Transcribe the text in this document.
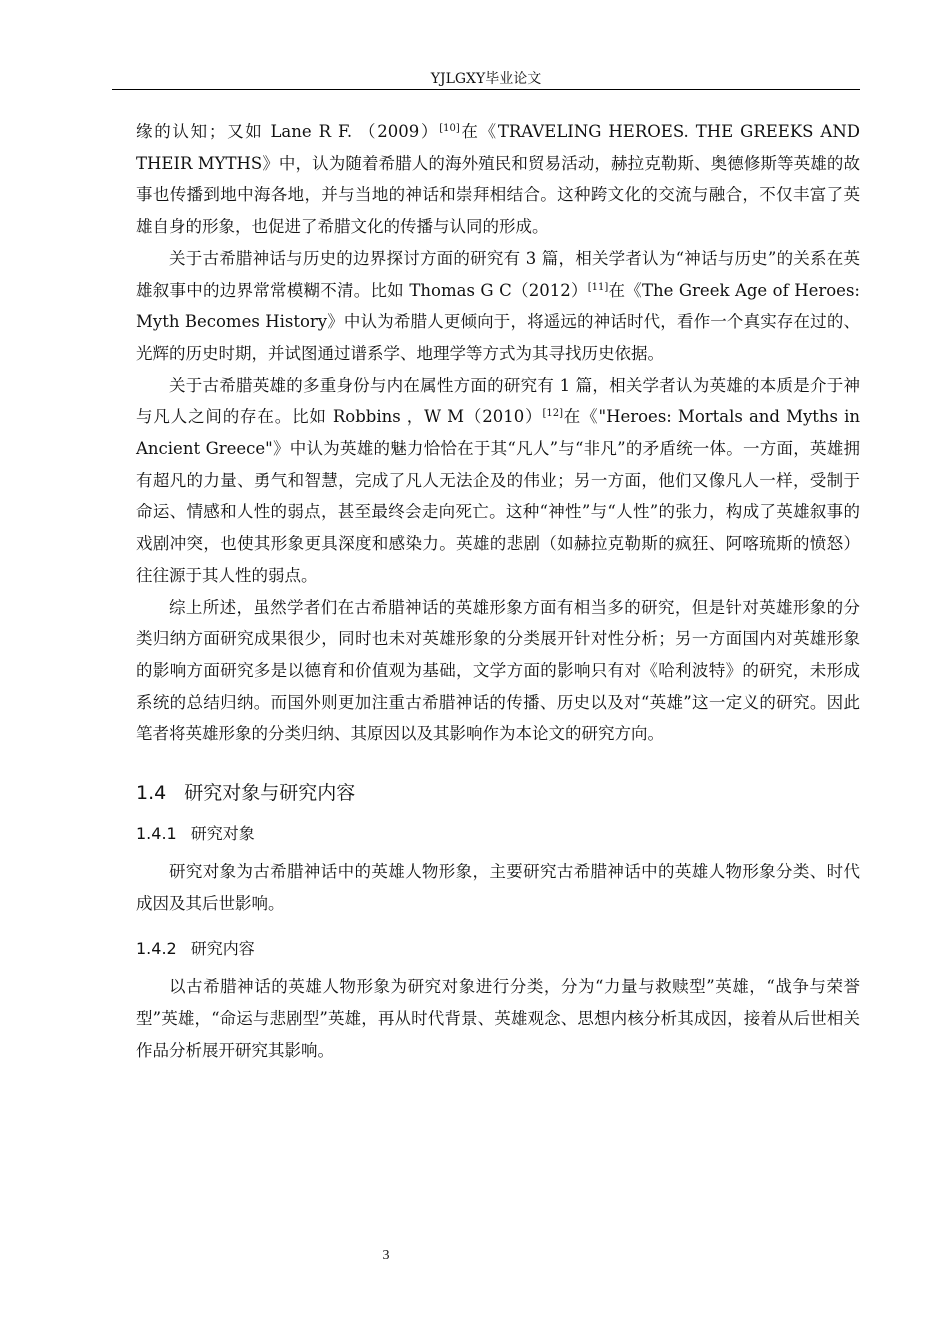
YJLGXY毕业论文

缘的认知；又如 Lane R F. （2009）[10]在《TRAVELING HEROES. THE GREEKS AND THEIR MYTHS》中，认为随着希腊人的海外殖民和贸易活动，赫拉克勒斯、奥德修斯等英雄的故事也传播到地中海各地，并与当地的神话和崇拜相结合。这种跨文化的交流与融合，不仅丰富了英雄自身的形象，也促进了希腊文化的传播与认同的形成。

关于古希腊神话与历史的边界探讨方面的研究有 3 篇，相关学者认为“神话与历史”的关系在英雄叙事中的边界常常模糊不清。比如 Thomas G C（2012）[11]在《The Greek Age of Heroes: Myth Becomes History》中认为希腊人更倾向于，将遥远的神话时代，看作一个真实存在过的、光辉的历史时期，并试图通过谱系学、地理学等方式为其寻找历史依据。

关于古希腊英雄的多重身份与内在属性方面的研究有 1 篇，相关学者认为英雄的本质是介于神与凡人之间的存在。比如 Robbins ，W M（2010）[12]在《"Heroes: Mortals and Myths in Ancient Greece"》中认为英雄的魅力恰恰在于其“凡人”与“非凡”的矛盾统一体。一方面，英雄拥有超凡的力量、勇气和智慧，完成了凡人无法企及的伟业；另一方面，他们又像凡人一样，受制于命运、情感和人性的弱点，甚至最终会走向死亡。这种“神性”与“人性”的张力，构成了英雄叙事的戏剧冲突，也使其形象更具深度和感染力。英雄的悲剧（如赫拉克勒斯的疯狂、阿喀琉斯的愤怒）往往源于其人性的弱点。

综上所述，虽然学者们在古希腊神话的英雄形象方面有相当多的研究，但是针对英雄形象的分类归纳方面研究成果很少，同时也未对英雄形象的分类展开针对性分析；另一方面国内对英雄形象的影响方面研究多是以德育和价值观为基础，文学方面的影响只有对《哈利波特》的研究，未形成系统的总结归纳。而国外则更加注重古希腊神话的传播、历史以及对“英雄”这一定义的研究。因此笔者将英雄形象的分类归纳、其原因以及其影响作为本论文的研究方向。

1.4 研究对象与研究内容
1.4.1 研究对象

研究对象为古希腊神话中的英雄人物形象，主要研究古希腊神话中的英雄人物形象分类、时代成因及其后世影响。

1.4.2 研究内容

以古希腊神话的英雄人物形象为研究对象进行分类，分为“力量与救赎型”英雄，“战争与荣誉型”英雄，“命运与悲剧型”英雄，再从时代背景、英雄观念、思想内核分析其成因，接着从后世相关作品分析展开研究其影响。

3
